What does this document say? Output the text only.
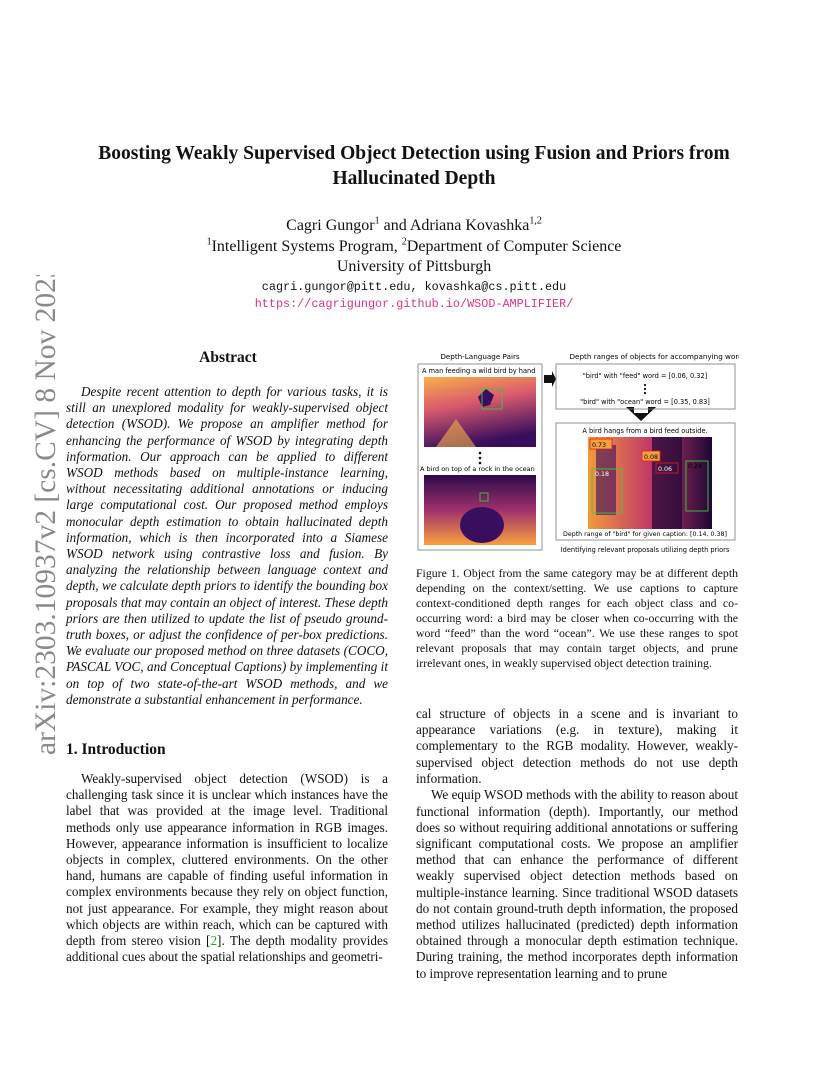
arXiv:2303.10937v2 [cs.CV] 8 Nov 2023
Boosting Weakly Supervised Object Detection using Fusion and Priors from
Hallucinated Depth
Cagri Gungor$^1$ and Adriana Kovashka$^{1,2}$
$^1$Intelligent Systems Program, $^2$Department of Computer Science
University of Pittsburgh
cagri.gungor@pitt.edu, kovashka@cs.pitt.edu
https://cagrigungor.github.io/WSOD-AMPLIFIER/
Abstract

Despite recent attention to depth for various tasks, it is still an unexplored modality for weakly-supervised object detection (WSOD). We propose an amplifier method for enhancing the performance of WSOD by integrating depth information. Our approach can be applied to different WSOD methods based on multiple-instance learning, without necessitating additional annotations or inducing large computational cost. Our proposed method employs monocular depth estimation to obtain hallucinated depth information, which is then incorporated into a Siamese WSOD network using contrastive loss and fusion. By analyzing the relationship between language context and depth, we calculate depth priors to identify the bounding box proposals that may contain an object of interest. These depth priors are then utilized to update the list of pseudo ground-truth boxes, or adjust the confidence of per-box predictions. We evaluate our proposed method on three datasets (COCO, PASCAL VOC, and Conceptual Captions) by implementing it on top of two state-of-the-art WSOD methods, and we demonstrate a substantial enhancement in performance.

1. Introduction

Weakly-supervised object detection (WSOD) is a challenging task since it is unclear which instances have the label that was provided at the image level. Traditional methods only use appearance information in RGB images. However, appearance information is insufficient to localize objects in complex, cluttered environments. On the other hand, humans are capable of finding useful information in complex environments because they rely on object function, not just appearance. For example, they might reason about which objects are within reach, which can be captured with depth from stereo vision [2]. The depth modality provides additional cues about the spatial relationships and geometri-

Depth-Language Pairs	Depth ranges of objects for accompanying words
A man feeding a wild bird by hand
A bird on top of a rock in the ocean
"bird" with "feed" word = [0.06, 0.32]
"bird" with "ocean" word = [0.35, 0.83]
A bird hangs from a bird feed outside.
0.73
0.08
0.18
0.06	0.24
Depth range of "bird" for given caption: [0.14, 0.38]
Identifying relevant proposals utilizing depth priors

Figure 1. Object from the same category may be at different depth depending on the context/setting. We use captions to capture context-conditioned depth ranges for each object class and co-occurring word: a bird may be closer when co-occurring with the word “feed” than the word “ocean”. We use these ranges to spot relevant proposals that may contain target objects, and prune irrelevant ones, in weakly supervised object detection training.

cal structure of objects in a scene and is invariant to appearance variations (e.g. in texture), making it complementary to the RGB modality. However, weakly-supervised object detection methods do not use depth information.

We equip WSOD methods with the ability to reason about functional information (depth). Importantly, our method does so without requiring additional annotations or suffering significant computational costs. We propose an amplifier method that can enhance the performance of different weakly supervised object detection methods based on multiple-instance learning. Since traditional WSOD datasets do not contain ground-truth depth information, the proposed method utilizes hallucinated (predicted) depth information obtained through a monocular depth estimation technique. During training, the method incorporates depth information to improve representation learning and to prune
